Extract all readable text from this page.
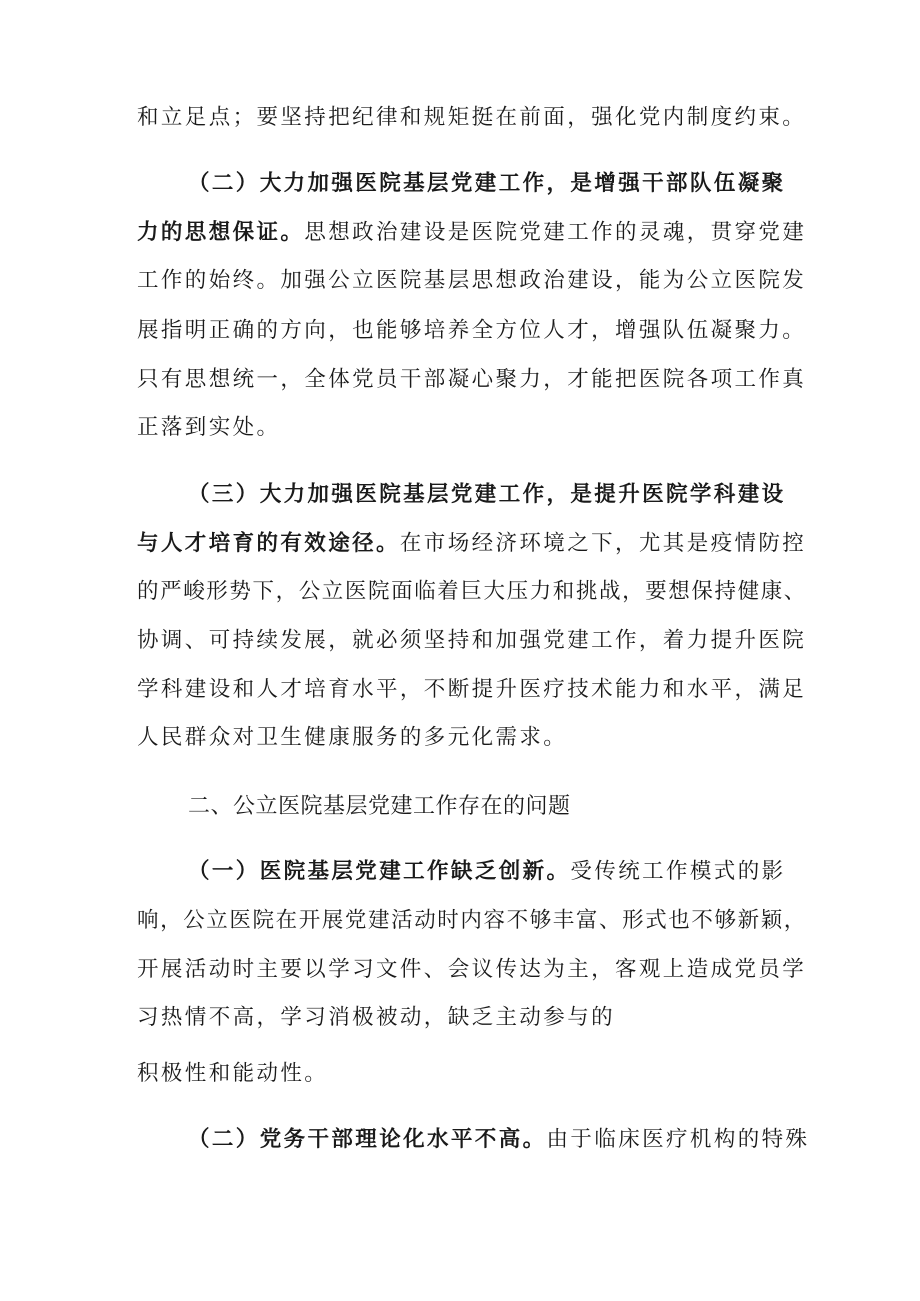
和立足点；要坚持把纪律和规矩挺在前面，强化党内制度约束。
（二）大力加强医院基层党建工作，是增强干部队伍凝聚
力的思想保证。思想政治建设是医院党建工作的灵魂，贯穿党建
工作的始终。加强公立医院基层思想政治建设，能为公立医院发
展指明正确的方向，也能够培养全方位人才，增强队伍凝聚力。
只有思想统一，全体党员干部凝心聚力，才能把医院各项工作真
正落到实处。
（三）大力加强医院基层党建工作，是提升医院学科建设
与人才培育的有效途径。在市场经济环境之下，尤其是疫情防控
的严峻形势下，公立医院面临着巨大压力和挑战，要想保持健康、
协调、可持续发展，就必须坚持和加强党建工作，着力提升医院
学科建设和人才培育水平，不断提升医疗技术能力和水平，满足
人民群众对卫生健康服务的多元化需求。
二、公立医院基层党建工作存在的问题
（一）医院基层党建工作缺乏创新。受传统工作模式的影
响，公立医院在开展党建活动时内容不够丰富、形式也不够新颖，
开展活动时主要以学习文件、会议传达为主，客观上造成党员学
习热情不高，学习消极被动，缺乏主动参与的
积极性和能动性。
（二）党务干部理论化水平不高。由于临床医疗机构的特殊
